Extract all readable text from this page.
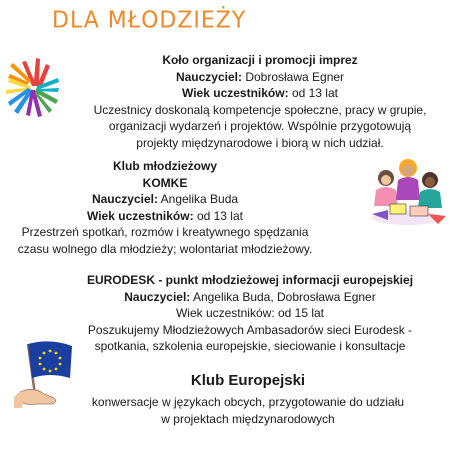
DLA MŁODZIEŻY
Koło organizacji i promocji imprez
Nauczyciel: Dobrosława Egner
Wiek uczestników: od 13 lat
Uczestnicy doskonalą kompetencje społeczne, pracy w grupie,
organizacji wydarzeń i projektów. Wspólnie przygotowują
projekty międzynarodowe i biorą w nich udział.
Klub młodzieżowy
KOMKE
Nauczyciel: Angelika Buda
Wiek uczestników: od 13 lat
Przestrzeń spotkań, rozmów i kreatywnego spędzania
czasu wolnego dla młodzieży; wolontariat młodzieżowy.
EURODESK - punkt młodzieżowej informacji europejskiej
Nauczyciel: Angelika Buda, Dobrosława Egner
Wiek uczestników: od 15 lat
Poszukujemy Młodzieżowych Ambasadorów sieci Eurodesk -
spotkania, szkolenia europejskie, sieciowanie i konsultacje
Klub Europejski
konwersacje w językach obcych, przygotowanie do udziału
w projektach międzynarodowych
